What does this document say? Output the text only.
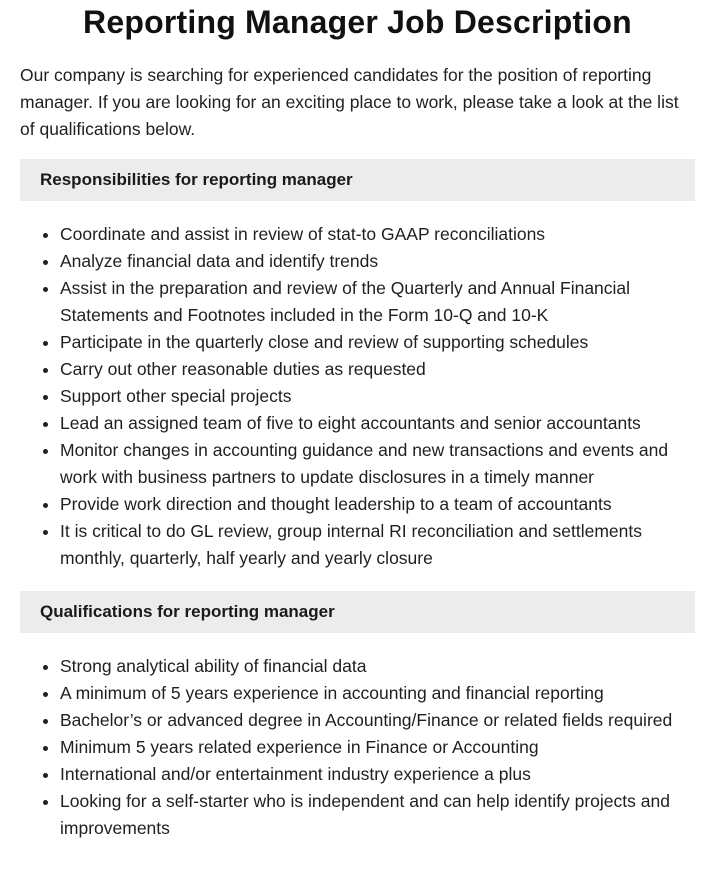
Reporting Manager Job Description

Our company is searching for experienced candidates for the position of reporting manager. If you are looking for an exciting place to work, please take a look at the list of qualifications below.

Responsibilities for reporting manager
Coordinate and assist in review of stat-to GAAP reconciliations
Analyze financial data and identify trends
Assist in the preparation and review of the Quarterly and Annual Financial Statements and Footnotes included in the Form 10-Q and 10-K
Participate in the quarterly close and review of supporting schedules
Carry out other reasonable duties as requested
Support other special projects
Lead an assigned team of five to eight accountants and senior accountants
Monitor changes in accounting guidance and new transactions and events and work with business partners to update disclosures in a timely manner
Provide work direction and thought leadership to a team of accountants
It is critical to do GL review, group internal RI reconciliation and settlements monthly, quarterly, half yearly and yearly closure
Qualifications for reporting manager
Strong analytical ability of financial data
A minimum of 5 years experience in accounting and financial reporting
Bachelor’s or advanced degree in Accounting/Finance or related fields required
Minimum 5 years related experience in Finance or Accounting
International and/or entertainment industry experience a plus
Looking for a self-starter who is independent and can help identify projects and improvements
